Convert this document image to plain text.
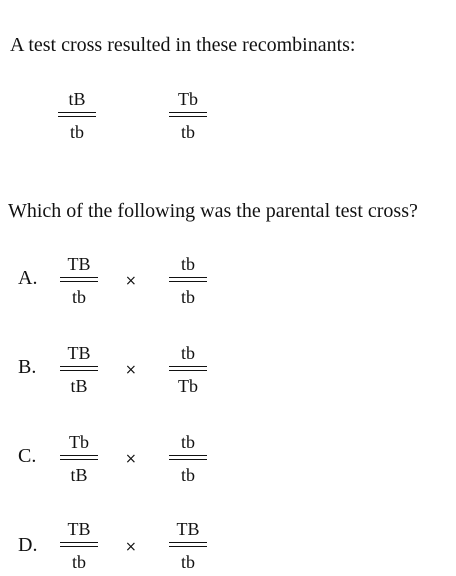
A test cross resulted in these recombinants:
tB
tb
Tb
tb
Which of the following was the parental test cross?
A.
TB
tb
×
tb
tb
B.
TB
tB
×
tb
Tb
C.
Tb
tB
×
tb
tb
D.
TB
tb
×
TB
tb
